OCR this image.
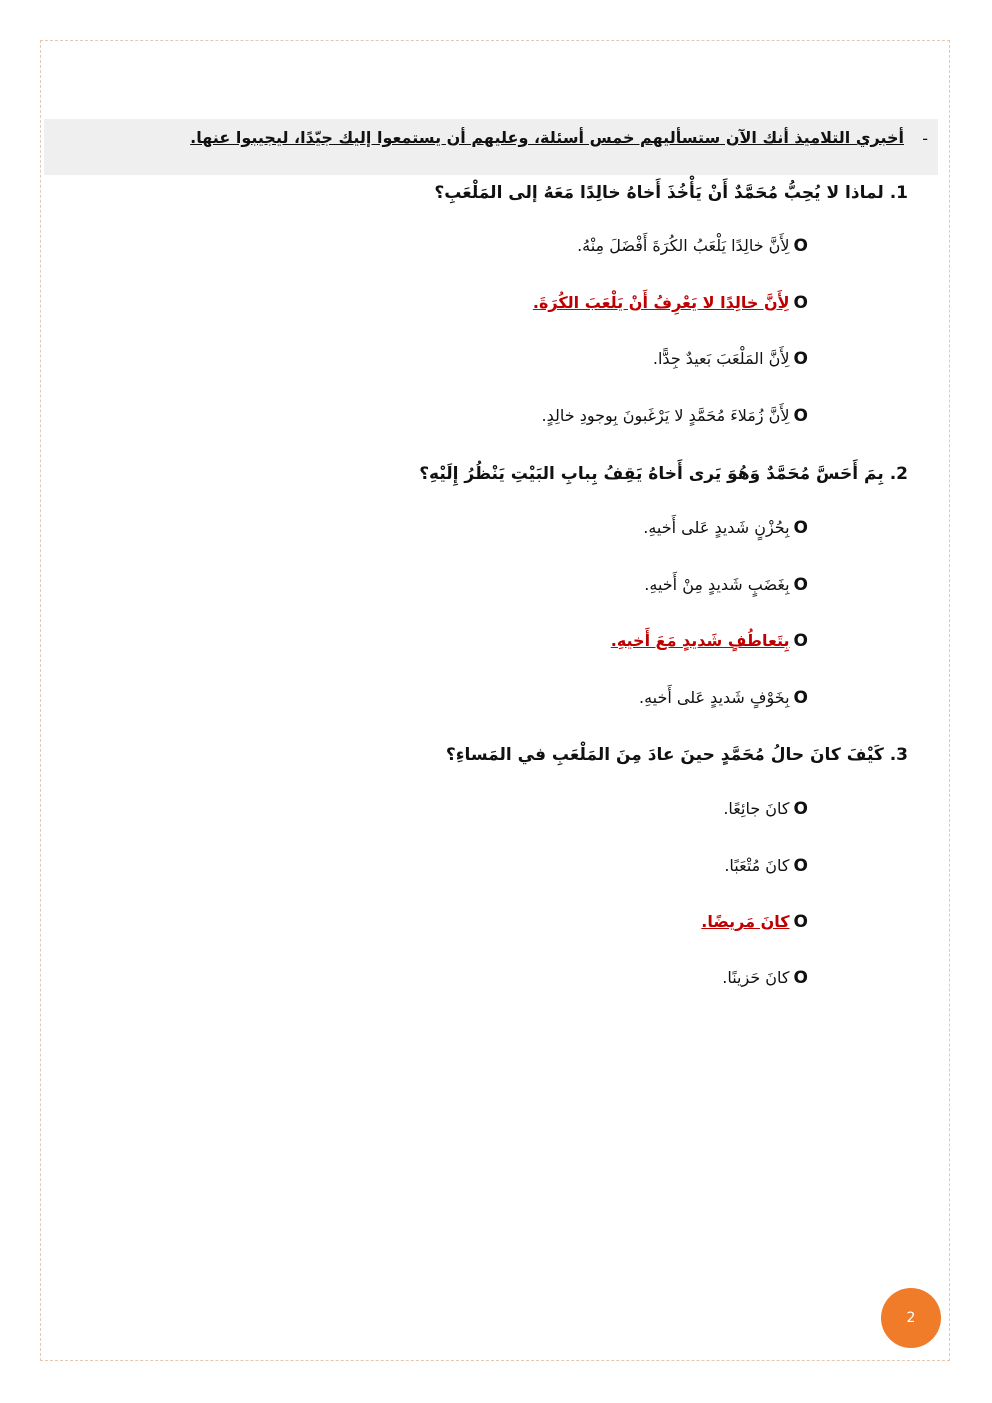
-
أخبري التلاميذ أنك الآن ستسأليهم خمس أسئلة، وعليهم أن يستمعوا إليك جيّدًا، ليجيبوا عنها.
1. لماذا لا يُحِبُّ مُحَمَّدٌ أَنْ يَأْخُذَ أَخاهُ خالِدًا مَعَهُ إلى المَلْعَبِ؟
Oلِأَنَّ خالِدًا يَلْعَبُ الكُرَةَ أَفْضَلَ مِنْهُ.
Oلِأَنَّ خالِدًا لا يَعْرِفُ أَنْ يَلْعَبَ الكُرَةَ.
Oلِأَنَّ المَلْعَبَ بَعيدٌ جِدًّا.
Oلِأَنَّ زُمَلاءَ مُحَمَّدٍ لا يَرْغَبونَ بِوجودِ خالِدٍ.
2. بِمَ أَحَسَّ مُحَمَّدٌ وَهُوَ يَرى أَخاهُ يَقِفُ بِبابِ البَيْتِ يَنْظُرُ إِلَيْهِ؟
Oبِحُزْنٍ شَديدٍ عَلى أَخيهِ.
Oبِغَضَبٍ شَديدٍ مِنْ أَخيهِ.
Oبِتَعاطُفٍ شَديدٍ مَعَ أَخيهِ.
Oبِخَوْفٍ شَديدٍ عَلى أَخيهِ.
3. كَيْفَ كانَ حالُ مُحَمَّدٍ حينَ عادَ مِنَ المَلْعَبِ في المَساءِ؟
Oكانَ جائِعًا.
Oكانَ مُتْعَبًا.
Oكانَ مَريضًا.
Oكانَ حَزينًا.
2
